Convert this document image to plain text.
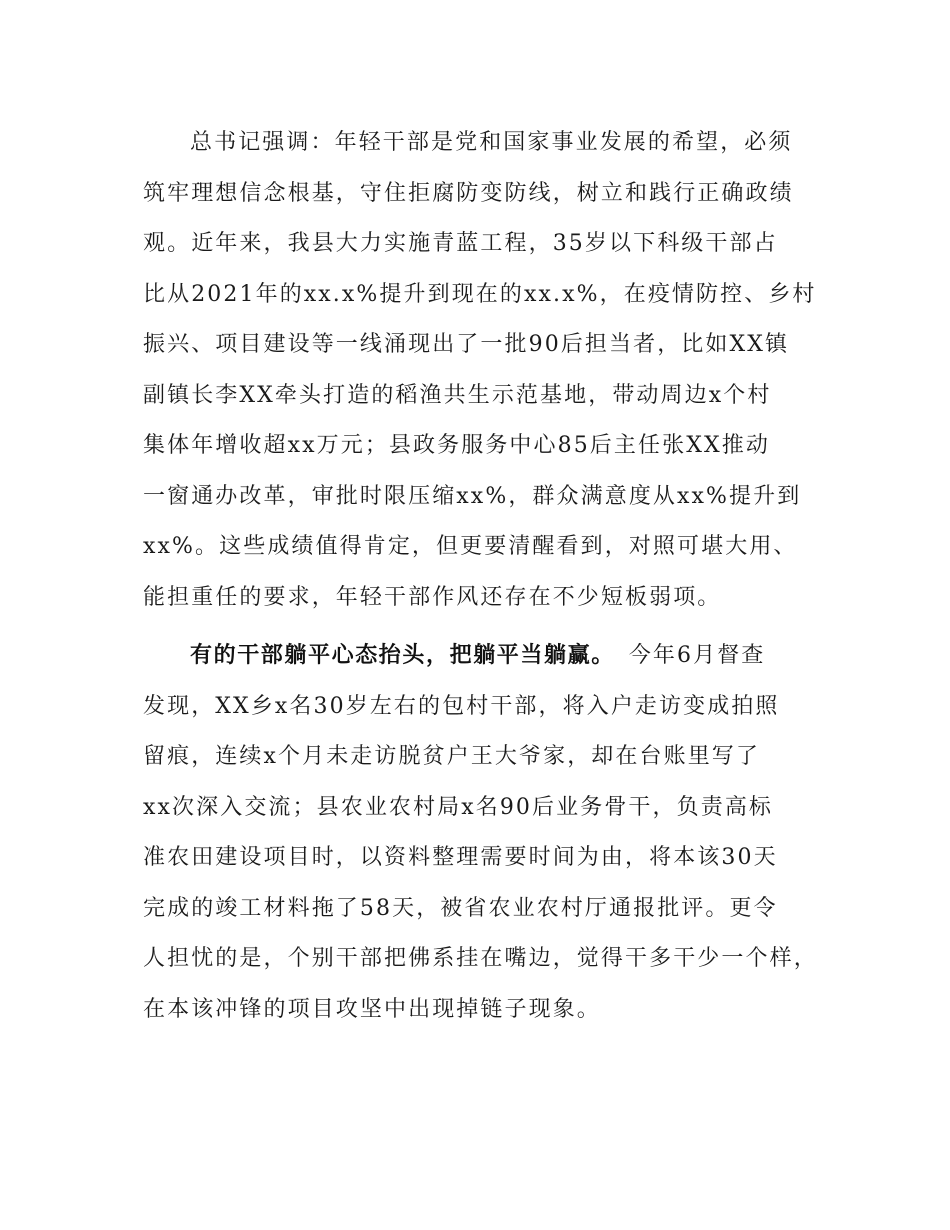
总书记强调：年轻干部是党和国家事业发展的希望，必须
筑牢理想信念根基，守住拒腐防变防线，树立和践行正确政绩
观。近年来，我县大力实施青蓝工程，35岁以下科级干部占
比从2021年的xx.x%提升到现在的xx.x%，在疫情防控、乡村
振兴、项目建设等一线涌现出了一批90后担当者，比如XX镇
副镇长李XX牵头打造的稻渔共生示范基地，带动周边x个村
集体年增收超xx万元；县政务服务中心85后主任张XX推动
一窗通办改革，审批时限压缩xx%，群众满意度从xx%提升到
xx%。这些成绩值得肯定，但更要清醒看到，对照可堪大用、
能担重任的要求，年轻干部作风还存在不少短板弱项。

有的干部躺平心态抬头，把躺平当躺赢。 今年6月督查
发现，XX乡x名30岁左右的包村干部，将入户走访变成拍照
留痕，连续x个月未走访脱贫户王大爷家，却在台账里写了
xx次深入交流；县农业农村局x名90后业务骨干，负责高标
准农田建设项目时，以资料整理需要时间为由，将本该30天
完成的竣工材料拖了58天，被省农业农村厅通报批评。更令
人担忧的是，个别干部把佛系挂在嘴边，觉得干多干少一个样，
在本该冲锋的项目攻坚中出现掉链子现象。
